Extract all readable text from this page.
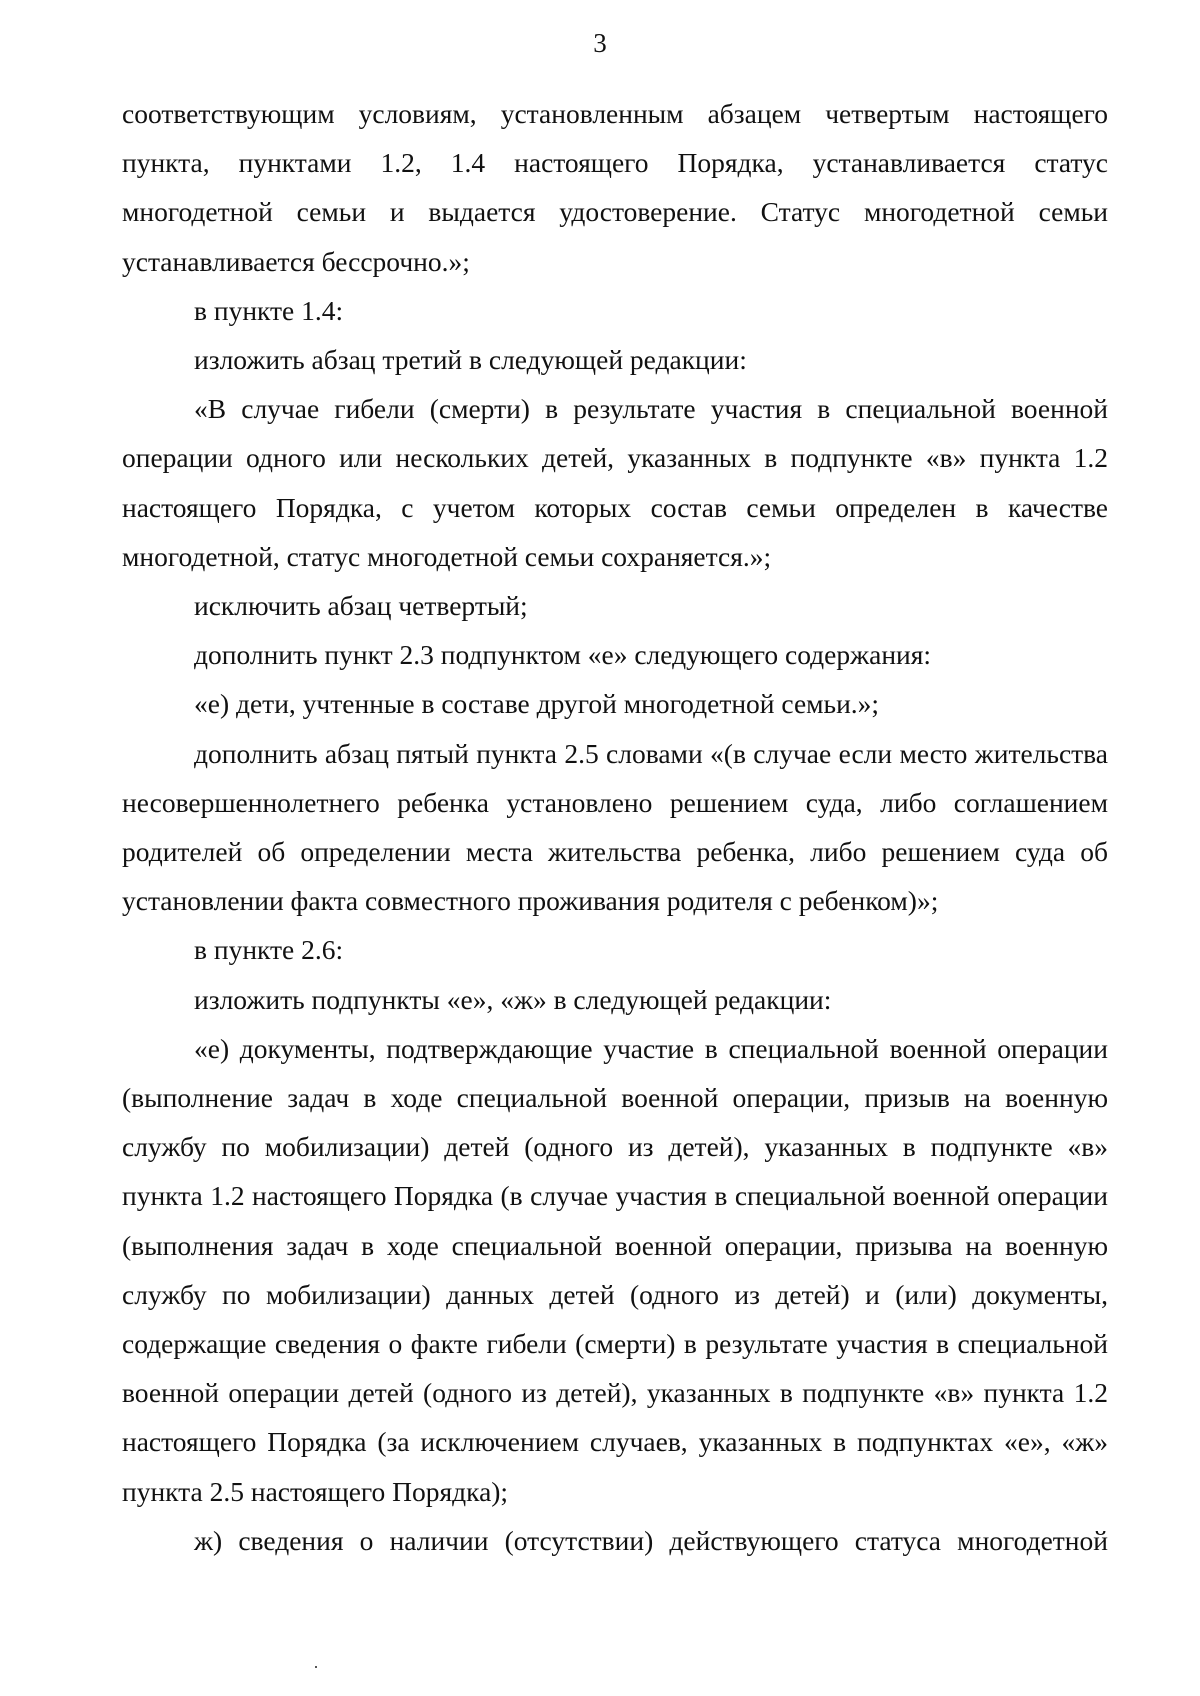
3

соответствующим условиям, установленным абзацем четвертым настоящего пункта, пунктами 1.2, 1.4 настоящего Порядка, устанавливается статус многодетной семьи и выдается удостоверение. Статус многодетной семьи устанавливается бессрочно.»;

в пункте 1.4:

изложить абзац третий в следующей редакции:

«В случае гибели (смерти) в результате участия в специальной военной операции одного или нескольких детей, указанных в подпункте «в» пункта 1.2 настоящего Порядка, с учетом которых состав семьи определен в качестве многодетной, статус многодетной семьи сохраняется.»;

исключить абзац четвертый;

дополнить пункт 2.3 подпунктом «е» следующего содержания:

«е) дети, учтенные в составе другой многодетной семьи.»;

дополнить абзац пятый пункта 2.5 словами «(в случае если место жительства несовершеннолетнего ребенка установлено решением суда, либо соглашением родителей об определении места жительства ребенка, либо решением суда об установлении факта совместного проживания родителя с ребенком)»;

в пункте 2.6:

изложить подпункты «е», «ж» в следующей редакции:

«е) документы, подтверждающие участие в специальной военной операции (выполнение задач в ходе специальной военной операции, призыв на военную службу по мобилизации) детей (одного из детей), указанных в подпункте «в» пункта 1.2 настоящего Порядка (в случае участия в специальной военной операции (выполнения задач в ходе специальной военной операции, призыва на военную службу по мобилизации) данных детей (одного из детей) и (или) документы, содержащие сведения о факте гибели (смерти) в результате участия в специальной военной операции детей (одного из детей), указанных в подпункте «в» пункта 1.2 настоящего Порядка (за исключением случаев, указанных в подпунктах «е», «ж» пункта 2.5 настоящего Порядка);

ж) сведения о наличии (отсутствии) действующего статуса многодетной
